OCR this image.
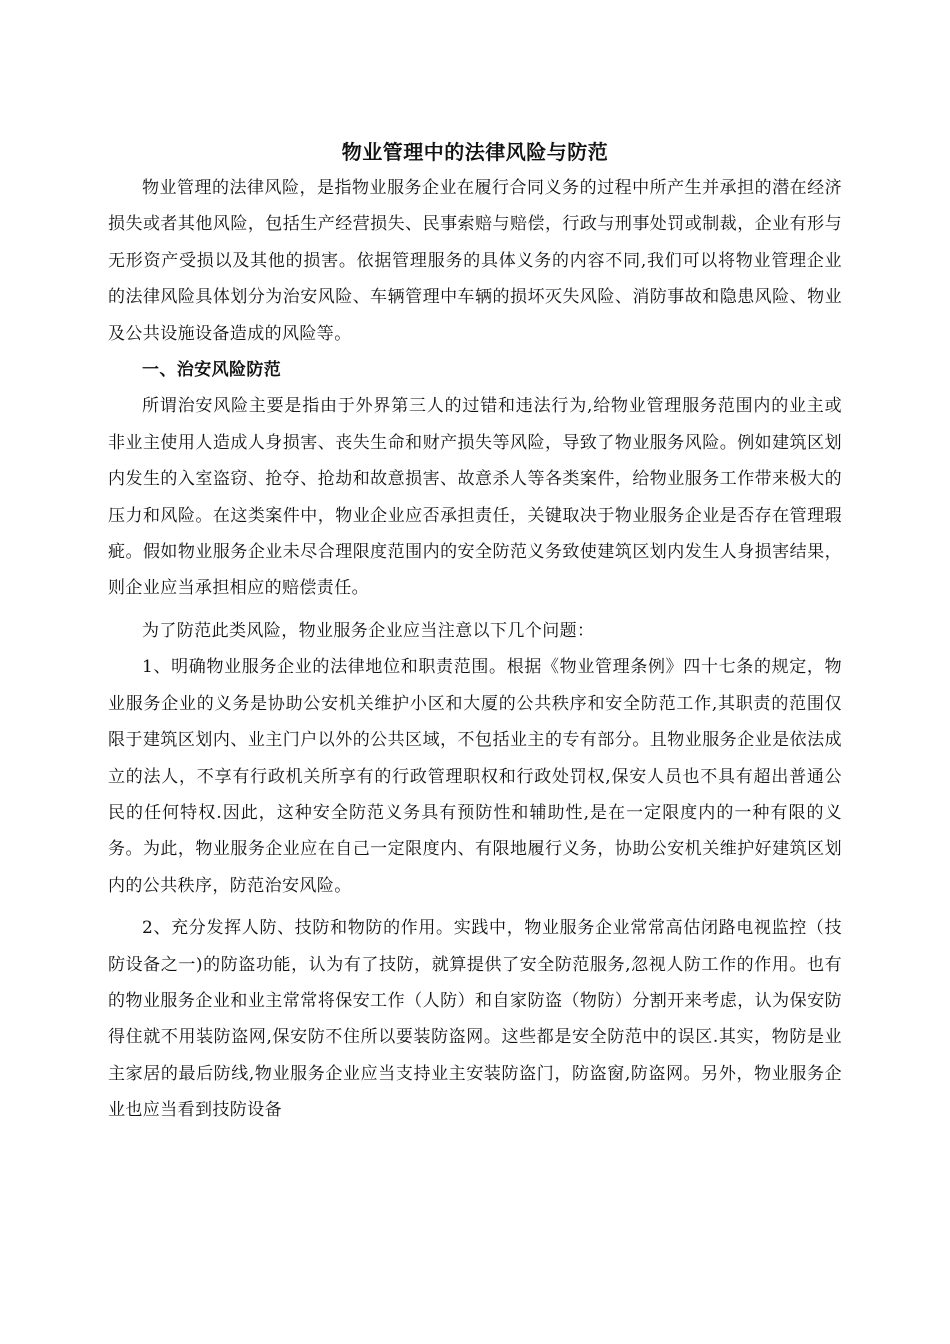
物业管理中的法律风险与防范

物业管理的法律风险，是指物业服务企业在履行合同义务的过程中所产生并承担的潜在经济损失或者其他风险，包括生产经营损失、民事索赔与赔偿，行政与刑事处罚或制裁，企业有形与无形资产受损以及其他的损害。依据管理服务的具体义务的内容不同,我们可以将物业管理企业的法律风险具体划分为治安风险、车辆管理中车辆的损坏灭失风险、消防事故和隐患风险、物业及公共设施设备造成的风险等。

一、治安风险防范

所谓治安风险主要是指由于外界第三人的过错和违法行为,给物业管理服务范围内的业主或非业主使用人造成人身损害、丧失生命和财产损失等风险，导致了物业服务风险。例如建筑区划内发生的入室盗窃、抢夺、抢劫和故意损害、故意杀人等各类案件，给物业服务工作带来极大的压力和风险。在这类案件中，物业企业应否承担责任，关键取决于物业服务企业是否存在管理瑕疵。假如物业服务企业未尽合理限度范围内的安全防范义务致使建筑区划内发生人身损害结果，则企业应当承担相应的赔偿责任。

为了防范此类风险，物业服务企业应当注意以下几个问题：

1、明确物业服务企业的法律地位和职责范围。根据《物业管理条例》四十七条的规定，物业服务企业的义务是协助公安机关维护小区和大厦的公共秩序和安全防范工作,其职责的范围仅限于建筑区划内、业主门户以外的公共区域，不包括业主的专有部分。且物业服务企业是依法成立的法人，不享有行政机关所享有的行政管理职权和行政处罚权,保安人员也不具有超出普通公民的任何特权.因此，这种安全防范义务具有预防性和辅助性,是在一定限度内的一种有限的义务。为此，物业服务企业应在自己一定限度内、有限地履行义务，协助公安机关维护好建筑区划内的公共秩序，防范治安风险。

2、充分发挥人防、技防和物防的作用。实践中，物业服务企业常常高估闭路电视监控（技防设备之一)的防盗功能，认为有了技防，就算提供了安全防范服务,忽视人防工作的作用。也有的物业服务企业和业主常常将保安工作（人防）和自家防盗（物防）分割开来考虑，认为保安防得住就不用装防盗网,保安防不住所以要装防盗网。这些都是安全防范中的误区.其实，物防是业主家居的最后防线,物业服务企业应当支持业主安装防盗门，防盗窗,防盗网。另外，物业服务企业也应当看到技防设备
